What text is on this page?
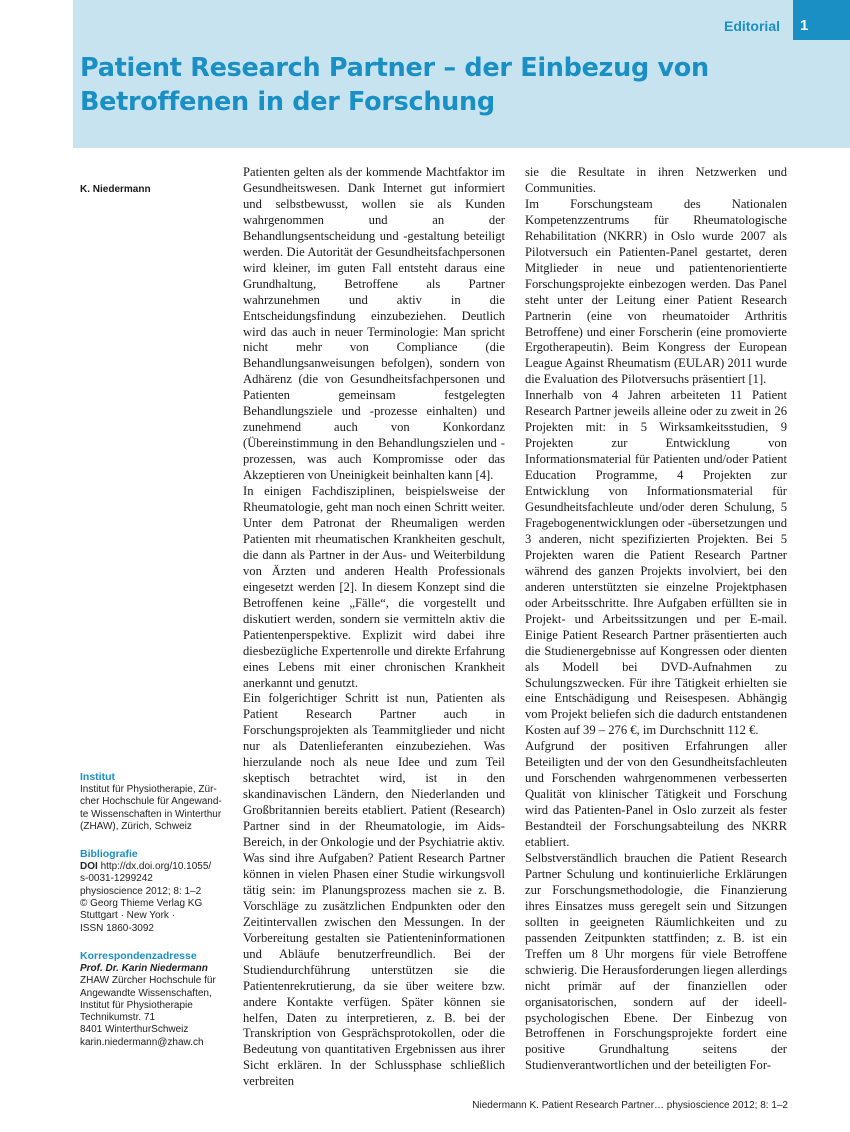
Editorial	1
Patient Research Partner – der Einbezug von
Betroffenen in der Forschung
K. Niedermann
Institut
Institut für Physiotherapie, Zür-
cher Hochschule für Angewand-
te Wissenschaften in Winterthur
(ZHAW), Zürich, Schweiz
Bibliografie
DOI http://dx.doi.org/10.1055/
s-0031-1299242
physioscience 2012; 8: 1–2
© Georg Thieme Verlag KG
Stuttgart · New York ·
ISSN 1860-3092
Korrespondenzadresse
Prof. Dr. Karin Niedermann
ZHAW Zürcher Hochschule für
Angewandte Wissenschaften,
Institut für Physiotherapie
Technikumstr. 71
8401 WinterthurSchweiz
karin.niedermann@zhaw.ch

Patienten gelten als der kommende Machtfaktor im Gesundheitswesen. Dank Internet gut informiert und selbstbewusst, wollen sie als Kunden wahrgenommen und an der Behandlungsentscheidung und -gestaltung beteiligt werden. Die Autorität der Gesundheitsfachpersonen wird kleiner, im guten Fall entsteht daraus eine Grundhaltung, Betroffene als Partner wahrzunehmen und aktiv in die Entscheidungsfindung einzubeziehen. Deutlich wird das auch in neuer Terminologie: Man spricht nicht mehr von Compliance (die Behandlungsanweisungen befolgen), sondern von Adhärenz (die von Gesundheitsfachpersonen und Patienten gemeinsam festgelegten Behandlungsziele und -prozesse einhalten) und zunehmend auch von Konkordanz (Übereinstimmung in den Behandlungszielen und -prozessen, was auch Kompromisse oder das Akzeptieren von Uneinigkeit beinhalten kann [4].

In einigen Fachdisziplinen, beispielsweise der Rheumatologie, geht man noch einen Schritt weiter. Unter dem Patronat der Rheumaligen werden Patienten mit rheumatischen Krankheiten geschult, die dann als Partner in der Aus- und Weiterbildung von Ärzten und anderen Health Professionals eingesetzt werden [2]. In diesem Konzept sind die Betroffenen keine „Fälle“, die vorgestellt und diskutiert werden, sondern sie vermitteln aktiv die Patientenperspektive. Explizit wird dabei ihre diesbezügliche Expertenrolle und direkte Erfahrung eines Lebens mit einer chronischen Krankheit anerkannt und genutzt.

Ein folgerichtiger Schritt ist nun, Patienten als Patient Research Partner auch in Forschungsprojekten als Teammitglieder und nicht nur als Datenlieferanten einzubeziehen. Was hierzulande noch als neue Idee und zum Teil skeptisch betrachtet wird, ist in den skandinavischen Ländern, den Niederlanden und Großbritannien bereits etabliert. Patient (Research) Partner sind in der Rheumatologie, im Aids-Bereich, in der Onkologie und der Psychiatrie aktiv.

Was sind ihre Aufgaben? Patient Research Partner können in vielen Phasen einer Studie wirkungsvoll tätig sein: im Planungsprozess machen sie z. B. Vorschläge zu zusätzlichen Endpunkten oder den Zeitintervallen zwischen den Messungen. In der Vorbereitung gestalten sie Patienteninformationen und Abläufe benutzerfreundlich. Bei der Studiendurchführung unterstützen sie die Patientenrekrutierung, da sie über weitere bzw. andere Kontakte verfügen. Später können sie helfen, Daten zu interpretieren, z. B. bei der Transkription von Gesprächsprotokollen, oder die Bedeutung von quantitativen Ergebnissen aus ihrer Sicht erklären. In der Schlussphase schließlich verbreiten

sie die Resultate in ihren Netzwerken und Communities.

Im Forschungsteam des Nationalen Kompetenzzentrums für Rheumatologische Rehabilitation (NKRR) in Oslo wurde 2007 als Pilotversuch ein Patienten-Panel gestartet, deren Mitglieder in neue und patientenorientierte Forschungsprojekte einbezogen werden. Das Panel steht unter der Leitung einer Patient Research Partnerin (eine von rheumatoider Arthritis Betroffene) und einer Forscherin (eine promovierte Ergotherapeutin). Beim Kongress der European League Against Rheumatism (EULAR) 2011 wurde die Evaluation des Pilotversuchs präsentiert [1].

Innerhalb von 4 Jahren arbeiteten 11 Patient Research Partner jeweils alleine oder zu zweit in 26 Projekten mit: in 5 Wirksamkeitsstudien, 9 Projekten zur Entwicklung von Informationsmaterial für Patienten und/oder Patient Education Programme, 4 Projekten zur Entwicklung von Informationsmaterial für Gesundheitsfachleute und/oder deren Schulung, 5 Fragebogenentwicklungen oder -übersetzungen und 3 anderen, nicht spezifizierten Projekten. Bei 5 Projekten waren die Patient Research Partner während des ganzen Projekts involviert, bei den anderen unterstützten sie einzelne Projektphasen oder Arbeitsschritte. Ihre Aufgaben erfüllten sie in Projekt- und Arbeitssitzungen und per E-mail. Einige Patient Research Partner präsentierten auch die Studienergebnisse auf Kongressen oder dienten als Modell bei DVD-Aufnahmen zu Schulungszwecken. Für ihre Tätigkeit erhielten sie eine Entschädigung und Reisespesen. Abhängig vom Projekt beliefen sich die dadurch entstandenen Kosten auf 39 – 276 €, im Durchschnitt 112 €.

Aufgrund der positiven Erfahrungen aller Beteiligten und der von den Gesundheitsfachleuten und Forschenden wahrgenommenen verbesserten Qualität von klinischer Tätigkeit und Forschung wird das Patienten-Panel in Oslo zurzeit als fester Bestandteil der Forschungsabteilung des NKRR etabliert.

Selbstverständlich brauchen die Patient Research Partner Schulung und kontinuierliche Erklärungen zur Forschungsmethodologie, die Finanzierung ihres Einsatzes muss geregelt sein und Sitzungen sollten in geeigneten Räumlichkeiten und zu passenden Zeitpunkten stattfinden; z. B. ist ein Treffen um 8 Uhr morgens für viele Betroffene schwierig. Die Herausforderungen liegen allerdings nicht primär auf der finanziellen oder organisatorischen, sondern auf der ideell-psychologischen Ebene. Der Einbezug von Betroffenen in Forschungsprojekte fordert eine positive Grundhaltung seitens der Studienverantwortlichen und der beteiligten For-

Niedermann K. Patient Research Partner… physioscience 2012; 8: 1–2
